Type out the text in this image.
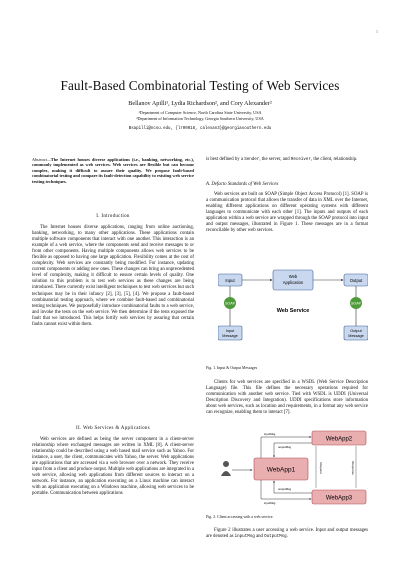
1
Fault-Based Combinatorial Testing of Web Services
Bellanov Apilli¹, Lydia Richardson², and Cory Alexander²
¹Department of Computer Science, North Carolina State University, USA
²Department of Information Technology, Georgia Southern University, USA
Bsapilli@ncsu.edu, {lr00018, calexan3}@georgiasouthern.edu
Abstract—The Internet houses diverse applications (i.e., banking, networking, etc.), commonly implemented as web services. Web services are flexible but can become complex, making it difficult to assure their quality. We propose fault-based combinatorial testing and compare its fault-detection capability to existing web service testing techniques.
I. Introduction

The Internet houses diverse applications, ranging from online auctioning, banking, networking, to many other applications. These applications contain multiple software components that interact with one another. This interaction is an example of a web service, where the components send and receive messages to or from other components. Having multiple components allows web services to be flexible as opposed to having one large application. Flexibility comes at the cost of complexity. Web services are constantly being modified. For instance, updating current components or adding new ones. These changes can bring an unprecedented level of complexity, making it difficult to ensure certain levels of quality. One solution to this problem is to test web services as these changes are being introduced. There currently exist intelligent techniques to test web services but such techniques may be in their infancy [2], [3], [5], [4]. We propose a fault-based combinatorial testing approach, where we combine fault-based and combinatorial testing techniques. We purposefully introduce combinatorial faults to a web service, and invoke the tests on the web service. We then determine if the tests exposed the fault that we introduced. This helps fortify web services by assuring that certain faults cannot exist within them.

II. Web Services & Applications

Web services are defined as being the server component in a client-server relationship where exchanged messages are written in XML [8]. A client-server relationship could be described using a web based mail service such as Yahoo. For instance, a user, the client, communicates with Yahoo, the server. Web applications are applications that are accessed via a web browser over a network. They receive input from a client and produce output. Multiple web applications are integrated in a web service, allowing web applications from different sources to interact on a network. For instance, an application executing on a Linux machine can interact with an application executing on a Windows machine, allowing web services to be portable. Communication between applications

is best defined by a Sender, the server, and Receiver, the client, relationship.
A. Defacto Standards of Web Services

Web services are built on SOAP (Simple Object Access Protocol) [1]. SOAP is a communication protocol that allows the transfer of data in XML over the Internet, enabling different applications on different operating systems with different languages to communicate with each other [1]. The inputs and outputs of each application within a web service are wrapped through the SOAP protocol into input and output messages, illustrated in Figure 1. These messages are in a format reconcilable by other web services.

Input
Web
Application	Output
SOAP	SOAP
Input
Message
Output
Message
Web Service
Fig. 1. Input & Output Messages

Clients for web services are specified in a WSDL (Web Service Description Language) file. This file defines the necessary operations required for communication with another web service. Tied with WSDL is UDDI (Universal Description Discovery and Integration). UDDI specifications store information about web services, such as location and requirements, in a format any web service can recognize, enabling them to interact [7].

WebApp1
WebApp2
WebApp3
inputMsg
outputMsg
inputMsg
outputMsg
Request	Response
Fig. 2. Client accessing with a web service.

Figure 2 illustrates a user accessing a web service. Input and output messages are denoted as inputMsg and OutputMsg.
